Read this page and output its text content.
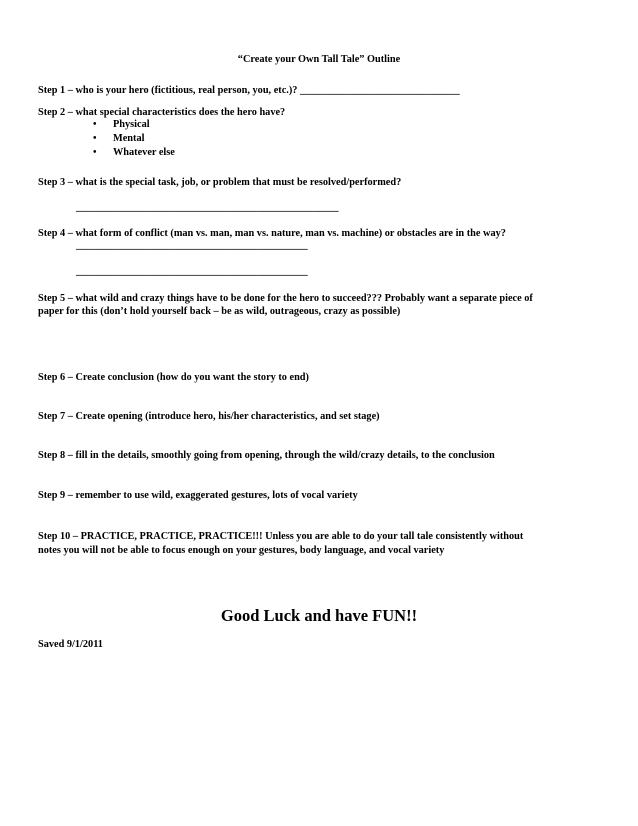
“Create your Own Tall Tale” Outline
Step 1 – who is your hero (fictitious, real person, you, etc.)? _______________________________
Step 2 – what special characteristics does the hero have?
• Physical
• Mental
• Whatever else
Step 3 – what is the special task, job, or problem that must be resolved/performed?
___________________________________________________
Step 4 – what form of conflict (man vs. man, man vs. nature, man vs. machine) or obstacles are in the way?
_____________________________________________
_____________________________________________
Step 5 – what wild and crazy things have to be done for the hero to succeed??? Probably want a separate piece of
paper for this (don’t hold yourself back – be as wild, outrageous, crazy as possible)
Step 6 – Create conclusion (how do you want the story to end)
Step 7 – Create opening (introduce hero, his/her characteristics, and set stage)
Step 8 – fill in the details, smoothly going from opening, through the wild/crazy details, to the conclusion
Step 9 – remember to use wild, exaggerated gestures, lots of vocal variety
Step 10 – PRACTICE, PRACTICE, PRACTICE!!! Unless you are able to do your tall tale consistently without
notes you will not be able to focus enough on your gestures, body language, and vocal variety
Good Luck and have FUN!!
Saved 9/1/2011
